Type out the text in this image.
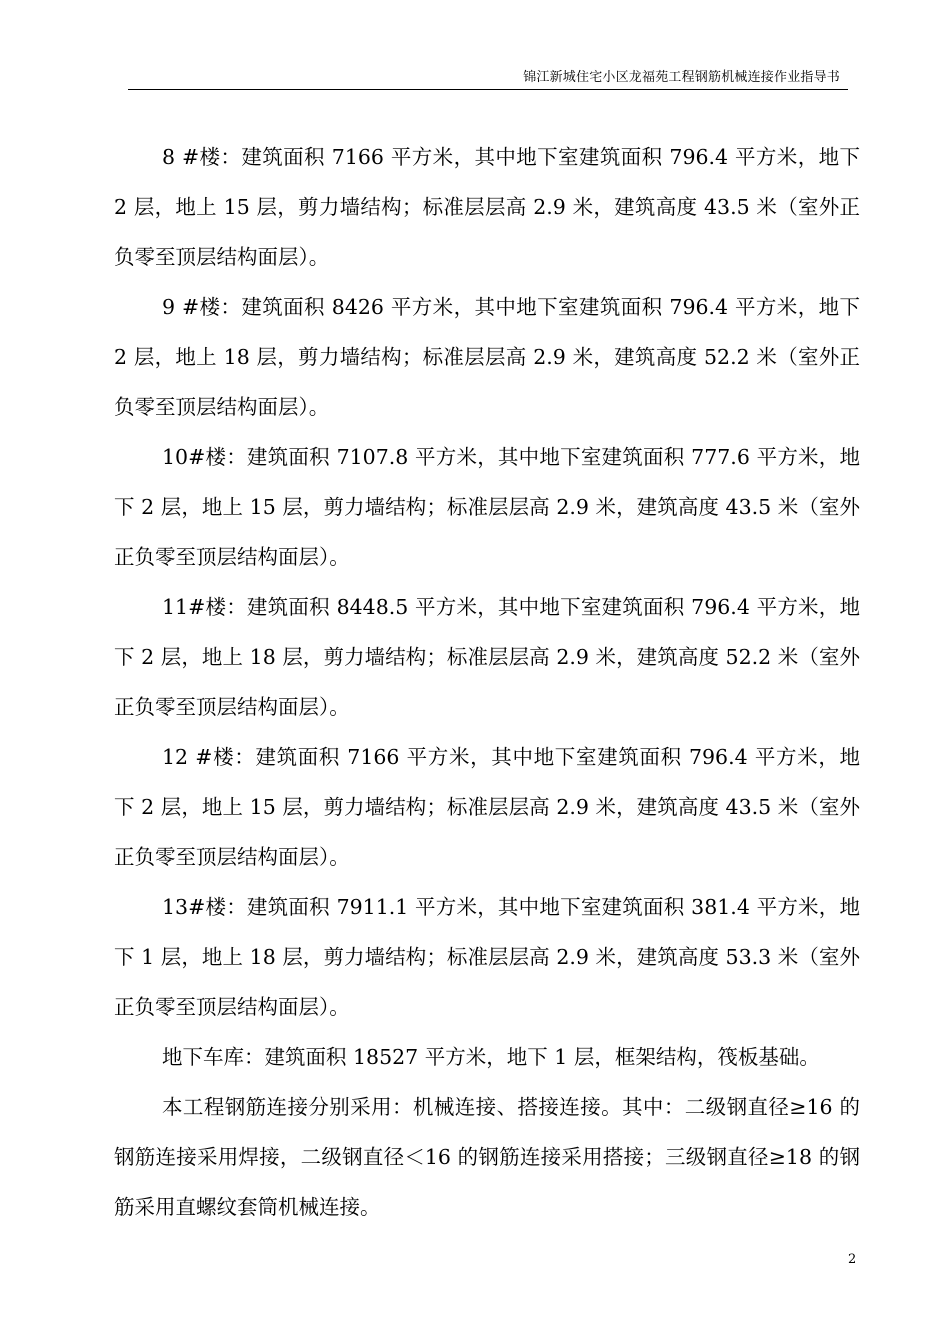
锦江新城住宅小区龙福苑工程钢筋机械连接作业指导书

8 #楼：建筑面积 7166 平方米，其中地下室建筑面积 796.4 平方米，地下 2 层，地上 15 层，剪力墙结构；标准层层高 2.9 米，建筑高度 43.5 米（室外正负零至顶层结构面层）。

9 #楼：建筑面积 8426 平方米，其中地下室建筑面积 796.4 平方米，地下 2 层，地上 18 层，剪力墙结构；标准层层高 2.9 米，建筑高度 52.2 米（室外正负零至顶层结构面层）。

10#楼：建筑面积 7107.8 平方米，其中地下室建筑面积 777.6 平方米，地下 2 层，地上 15 层，剪力墙结构；标准层层高 2.9 米，建筑高度 43.5 米（室外正负零至顶层结构面层）。

11#楼：建筑面积 8448.5 平方米，其中地下室建筑面积 796.4 平方米，地下 2 层，地上 18 层，剪力墙结构；标准层层高 2.9 米，建筑高度 52.2 米（室外正负零至顶层结构面层）。

12 #楼：建筑面积 7166 平方米，其中地下室建筑面积 796.4 平方米，地下 2 层，地上 15 层，剪力墙结构；标准层层高 2.9 米，建筑高度 43.5 米（室外正负零至顶层结构面层）。

13#楼：建筑面积 7911.1 平方米，其中地下室建筑面积 381.4 平方米，地下 1 层，地上 18 层，剪力墙结构；标准层层高 2.9 米，建筑高度 53.3 米（室外正负零至顶层结构面层）。

地下车库：建筑面积 18527 平方米，地下 1 层，框架结构，筏板基础。

本工程钢筋连接分别采用：机械连接、搭接连接。其中：二级钢直径≥16 的钢筋连接采用焊接，二级钢直径＜16 的钢筋连接采用搭接；三级钢直径≥18 的钢筋采用直螺纹套筒机械连接。

2
